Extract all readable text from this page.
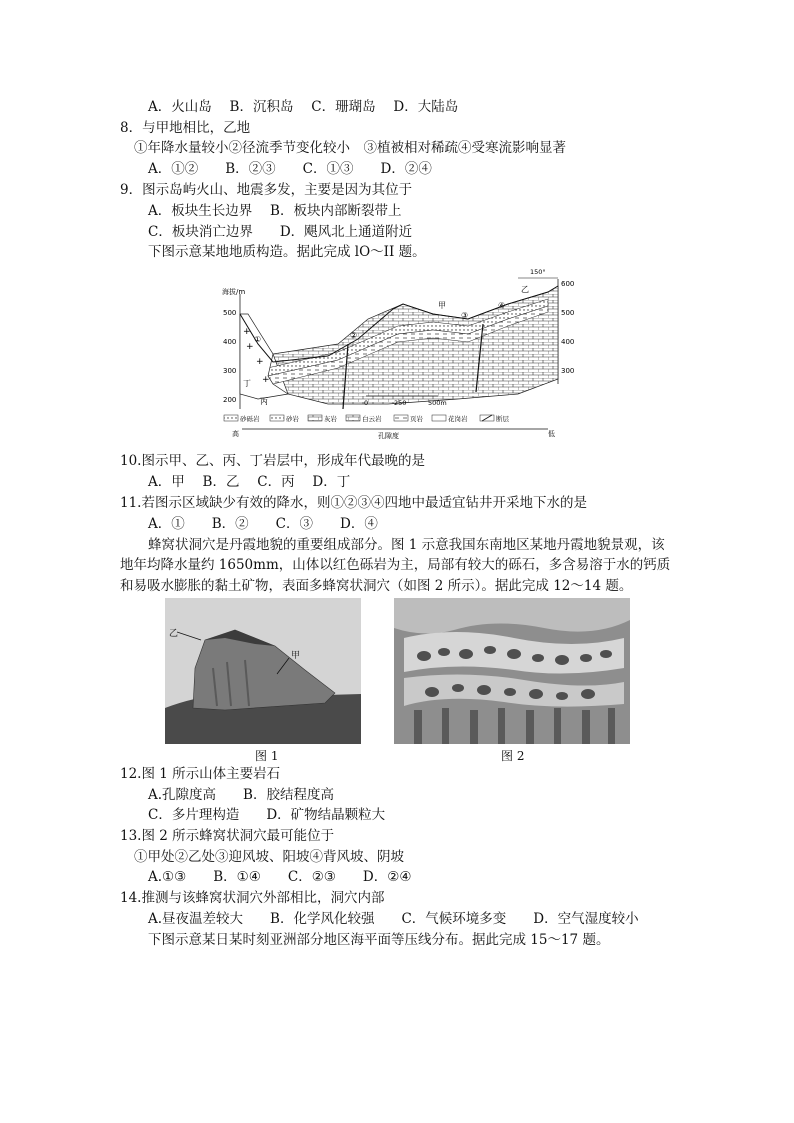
A．火山岛　 B．沉积岛　 C．珊瑚岛　 D．大陆岛
8．与甲地相比，乙地
①年降水量较小②径流季节变化较小　③植被相对稀疏④受寒流影响显著
A．①②　　B．②③　　C．①③　　D．②④
9．图示岛屿火山、地震多发，主要是因为其位于
A．板块生长边界　 B．板块内部断裂带上
C．板块消亡边界　　D．飓风北上通道附近
下图示意某地地质构造。据此完成 lO～II 题。
海拔/m
500
400
300
200
600
500
400
300
+
+
+
+
150°
甲
乙
丙
丁
①	②
③
④
0	250	500m
砂砾岩	砂岩	灰岩	白云岩	页岩	花岗岩	断层
高	孔隙度	低
10.图示甲、乙、丙、丁岩层中，形成年代最晚的是
A．甲　 B．乙　 C．丙　 D．丁
11.若图示区域缺少有效的降水，则①②③④四地中最适宜钻井开采地下水的是
A．①　　B．②　　C．③　　D．④
蜂窝状洞穴是丹霞地貌的重要组成部分。图 1 示意我国东南地区某地丹霞地貌景观，该
地年均降水量约 1650mm，山体以红色砾岩为主，局部有较大的砾石，多含易溶于水的钙质
和易吸水膨胀的黏土矿物，表面多蜂窝状洞穴（如图 2 所示）。据此完成 12～14 题。
乙
甲
图 1	图 2
12.图 1 所示山体主要岩石
A.孔隙度高　　B．胶结程度高
C．多片理构造　　D．矿物结晶颗粒大
13.图 2 所示蜂窝状洞穴最可能位于
①甲处②乙处③迎风坡、阳坡④背风坡、阴坡
A.①③　　B．①④　　C．②③　　D．②④
14.推测与该蜂窝状洞穴外部相比，洞穴内部
A.昼夜温差较大　　B．化学风化较强　　C．气候环境多变　　D．空气湿度较小
下图示意某日某时刻亚洲部分地区海平面等压线分布。据此完成 15～17 题。
